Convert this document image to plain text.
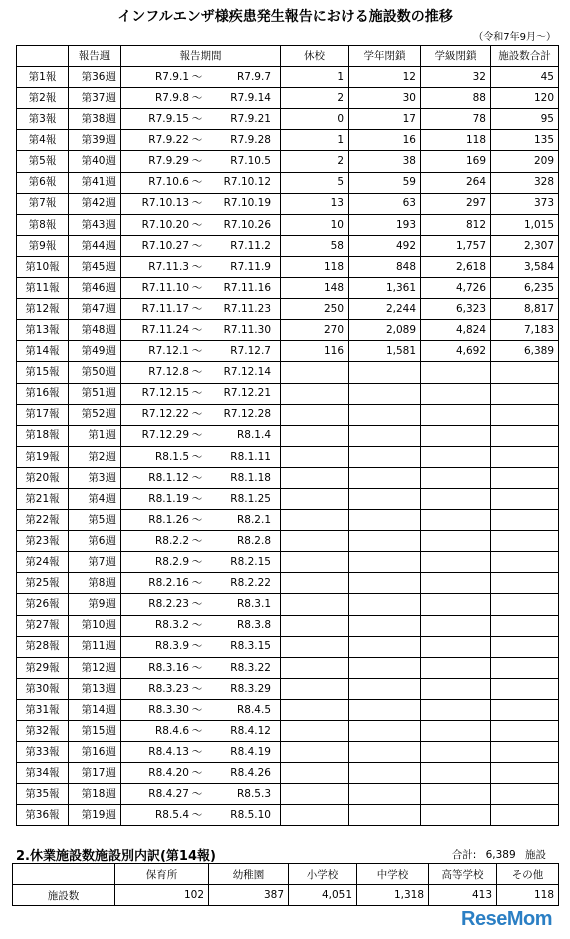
インフルエンザ様疾患発生報告における施設数の推移
（令和7年9月～）
	報告週	報告期間	休校	学年閉鎖	学級閉鎖	施設数合計
第1報	第36週	R7.9.1 ～ R7.9.7	1	12	32	45
第2報	第37週	R7.9.8 ～ R7.9.14	2	30	88	120
第3報	第38週	R7.9.15 ～ R7.9.21	0	17	78	95
第4報	第39週	R7.9.22 ～ R7.9.28	1	16	118	135
第5報	第40週	R7.9.29 ～ R7.10.5	2	38	169	209
第6報	第41週	R7.10.6 ～ R7.10.12	5	59	264	328
第7報	第42週	R7.10.13 ～ R7.10.19	13	63	297	373
第8報	第43週	R7.10.20 ～ R7.10.26	10	193	812	1,015
第9報	第44週	R7.10.27 ～ R7.11.2	58	492	1,757	2,307
第10報	第45週	R7.11.3 ～ R7.11.9	118	848	2,618	3,584
第11報	第46週	R7.11.10 ～ R7.11.16	148	1,361	4,726	6,235
第12報	第47週	R7.11.17 ～ R7.11.23	250	2,244	6,323	8,817
第13報	第48週	R7.11.24 ～ R7.11.30	270	2,089	4,824	7,183
第14報	第49週	R7.12.1 ～ R7.12.7	116	1,581	4,692	6,389
第15報	第50週	R7.12.8 ～ R7.12.14				

第16報	第51週	R7.12.15 ～ R7.12.21				

第17報	第52週	R7.12.22 ～ R7.12.28				

第18報	第1週	R7.12.29 ～ R8.1.4				

第19報	第2週	R8.1.5 ～ R8.1.11				

第20報	第3週	R8.1.12 ～ R8.1.18				

第21報	第4週	R8.1.19 ～ R8.1.25				

第22報	第5週	R8.1.26 ～ R8.2.1				

第23報	第6週	R8.2.2 ～ R8.2.8				

第24報	第7週	R8.2.9 ～ R8.2.15				

第25報	第8週	R8.2.16 ～ R8.2.22				

第26報	第9週	R8.2.23 ～ R8.3.1				

第27報	第10週	R8.3.2 ～ R8.3.8				

第28報	第11週	R8.3.9 ～ R8.3.15				

第29報	第12週	R8.3.16 ～ R8.3.22				

第30報	第13週	R8.3.23 ～ R8.3.29				

第31報	第14週	R8.3.30 ～ R8.4.5				

第32報	第15週	R8.4.6 ～ R8.4.12				

第33報	第16週	R8.4.13 ～ R8.4.19				

第34報	第17週	R8.4.20 ～ R8.4.26				

第35報	第18週	R8.4.27 ～ R8.5.3				

第36報	第19週	R8.5.4 ～ R8.5.10				

2.休業施設数施設別内訳(第14報)	合計: 6,389 施設
	保育所	幼稚園	小学校	中学校	高等学校	その他
施設数	102	387	4,051	1,318	413	118
ReseMom
